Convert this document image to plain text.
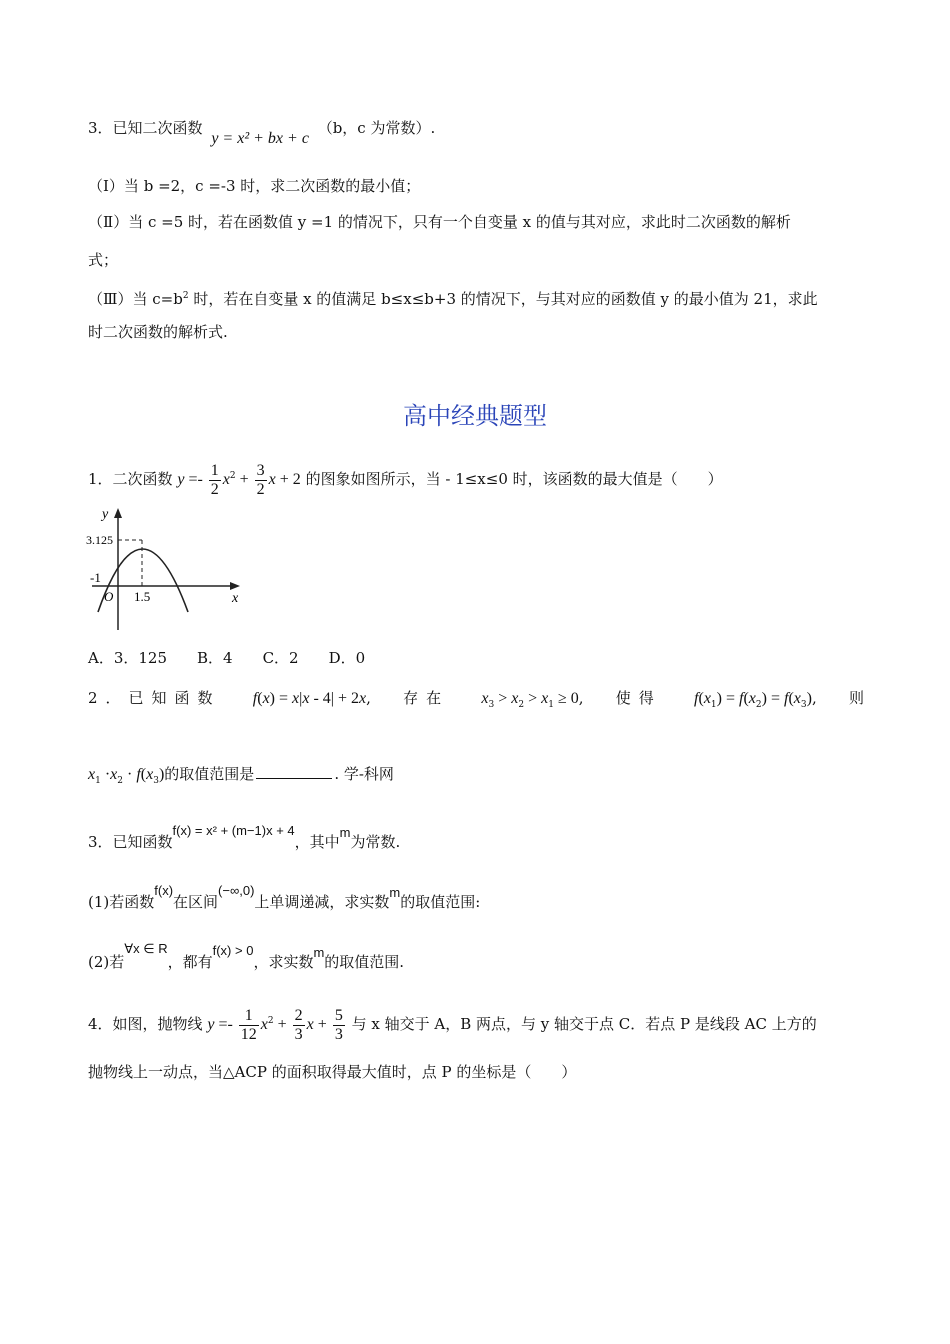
3．已知二次函数 y = x² + bx + c （b，c 为常数）.
（Ⅰ）当 b =2，c =-3 时，求二次函数的最小值；
（Ⅱ）当 c =5 时，若在函数值 y =1 的情况下，只有一个自变量 x 的值与其对应，求此时二次函数的解析
式；
（Ⅲ）当 $c=b^2$ 时，若在自变量 x 的值满足 b≤x≤b+3 的情况下，与其对应的函数值 y 的最小值为 21，求此
时二次函数的解析式.
高中经典题型
1．二次函数 $y =- \frac{1}{2} x^2 + \frac{3}{2}$ x + 2 的图象如图所示，当 - 1≤x≤0 时，该函数的最大值是（　　）
y
x
O
3.125
1.5
-1
A．3．125　　B．4　　C．2　　D．0
2．已知函数 f(x) = x|x - 4| + 2x, 存在 $x_3 > x_2 > x_1 \ge 0$, 使得 $f(x_1) = f(x_2) = f(x_3)$, 则
$x_1 \cdot x_2 \cdot f(x_3)$的取值范围是	. 学-科网
3．已知函数f(x) = x² + (m−1)x + 4，其中m为常数.
(1)若函数f(x)在区间(−∞,0)上单调递减，求实数m的取值范围:
(2)若∀x ∈ R，都有f(x) > 0，求实数m的取值范围.
4．如图，抛物线 $y =- \frac{1}{12} x^2 + \frac{2}{3}$ $x + \frac{5}{3}$ 与 x 轴交于 A，B 两点，与 y 轴交于点 C．若点 P 是线段 AC 上方的
抛物线上一动点，当△ACP 的面积取得最大值时，点 P 的坐标是（　　）
